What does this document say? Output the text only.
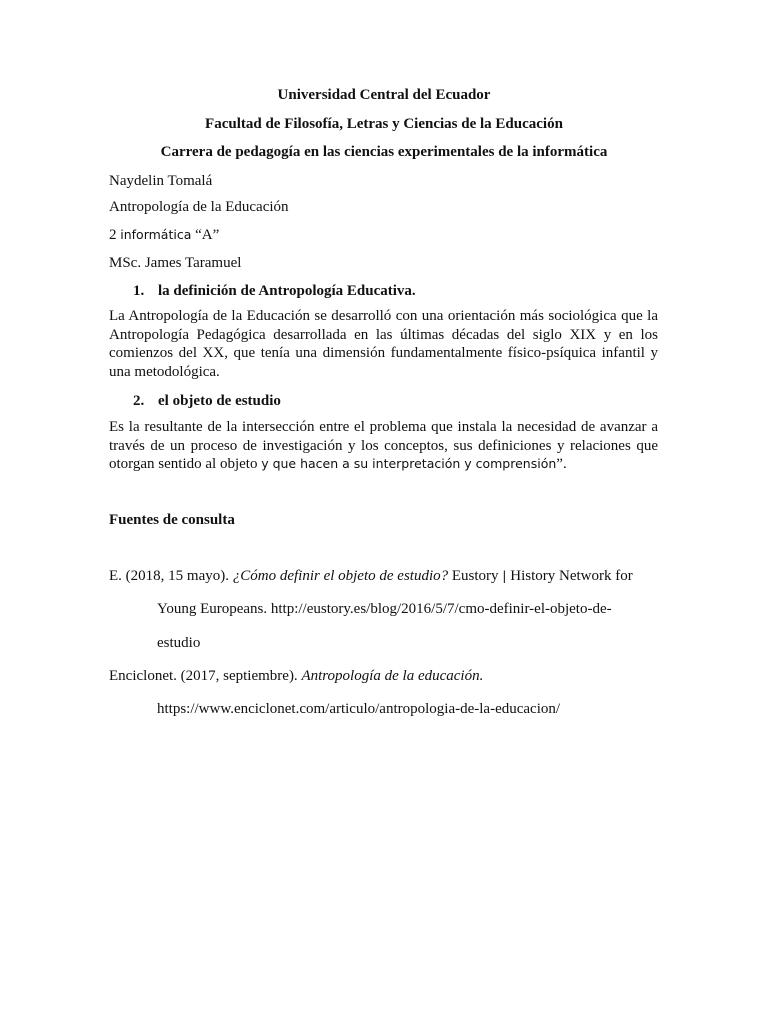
Universidad Central del Ecuador
Facultad de Filosofía, Letras y Ciencias de la Educación
Carrera de pedagogía en las ciencias experimentales de la informática
Naydelin Tomalá
Antropología de la Educación
2 informática “A”
MSc. James Taramuel
1. la definición de Antropología Educativa.
La Antropología de la Educación se desarrolló con una orientación más sociológica que la Antropología Pedagógica desarrollada en las últimas décadas del siglo XIX y en los comienzos del XX, que tenía una dimensión fundamentalmente físico-psíquica infantil y una metodológica.
2. el objeto de estudio
Es la resultante de la intersección entre el problema que instala la necesidad de avanzar a través de un proceso de investigación y los conceptos, sus definiciones y relaciones que otorgan sentido al objeto y que hacen a su interpretación y comprensión”.
Fuentes de consulta
E. (2018, 15 mayo). ¿Cómo definir el objeto de estudio? Eustory | History Network for
Young Europeans. http://eustory.es/blog/2016/5/7/cmo-definir-el-objeto-de-
estudio
Enciclonet. (2017, septiembre). Antropología de la educación.
https://www.enciclonet.com/articulo/antropologia-de-la-educacion/
